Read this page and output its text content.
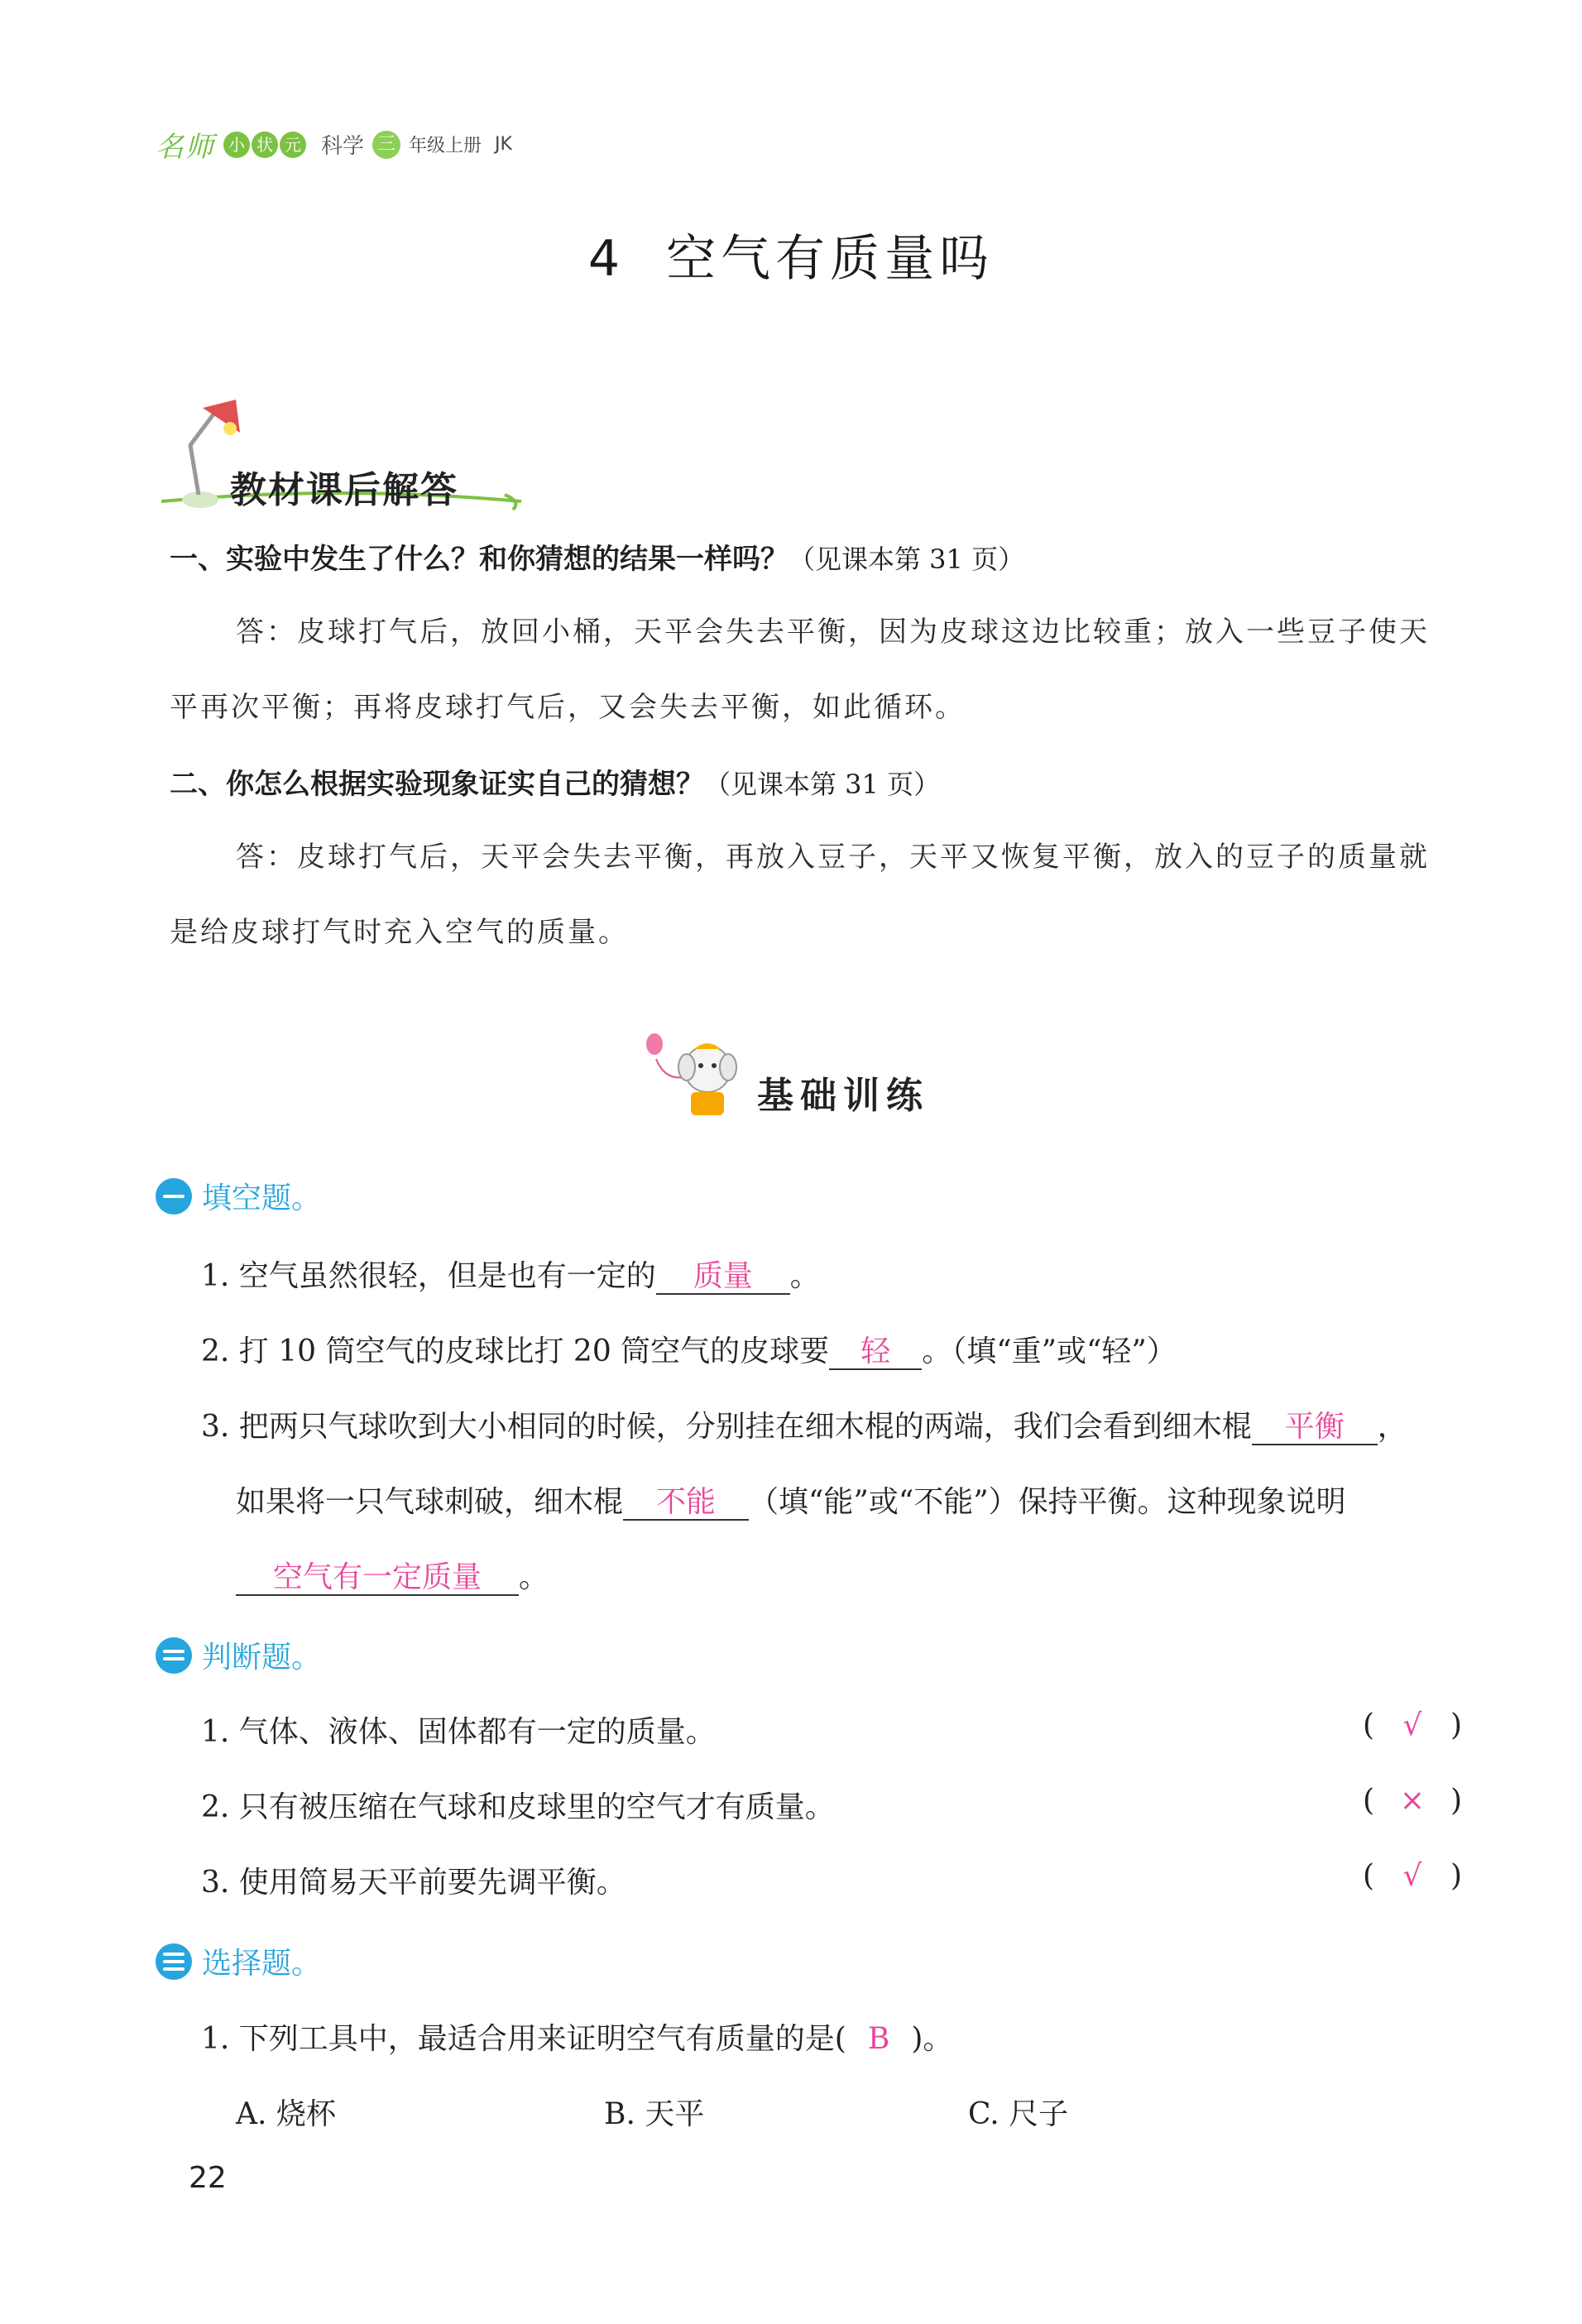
名师 小 状 元 科学 三 年级上册 JK
4 空气有质量吗
教材课后解答
一、实验中发生了什么？和你猜想的结果一样吗？（见课本第 31 页）
答：皮球打气后，放回小桶，天平会失去平衡，因为皮球这边比较重；放入一些豆子使天
平再次平衡；再将皮球打气后，又会失去平衡，如此循环。
二、你怎么根据实验现象证实自己的猜想？（见课本第 31 页）
答：皮球打气后，天平会失去平衡，再放入豆子，天平又恢复平衡，放入的豆子的质量就
是给皮球打气时充入空气的质量。
基础训练
填空题。
1. 空气虽然很轻，但是也有一定的 质量 。
2. 打 10 筒空气的皮球比打 20 筒空气的皮球要 轻 。（填“重”或“轻”）
3. 把两只气球吹到大小相同的时候，分别挂在细木棍的两端，我们会看到细木棍 平衡 ，
如果将一只气球刺破，细木棍 不能 （填“能”或“不能”）保持平衡。这种现象说明
空气有一定质量 。
判断题。
1. 气体、液体、固体都有一定的质量。	( √ )
2. 只有被压缩在气球和皮球里的空气才有质量。	( × )
3. 使用简易天平前要先调平衡。	( √ )
选择题。
1. 下列工具中，最适合用来证明空气有质量的是( B )。
A. 烧杯	B. 天平	C. 尺子
22
